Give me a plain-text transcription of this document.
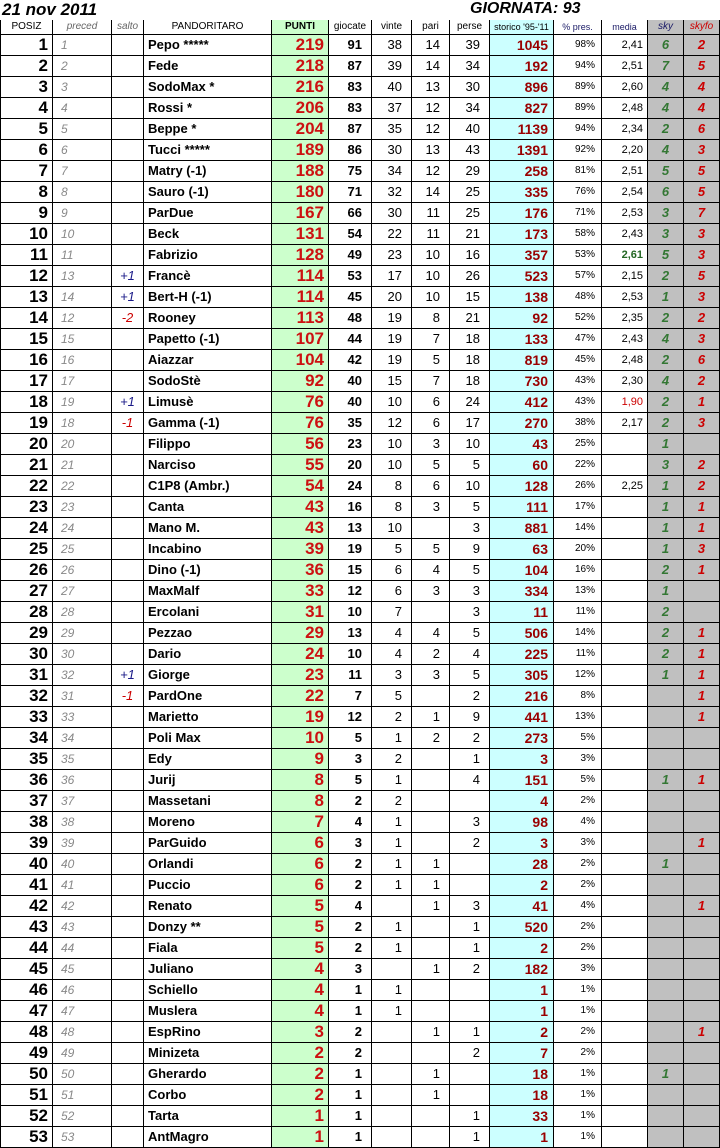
21 nov 2011	GIORNATA: 93
POSIZ	preced	salto	PANDORITARO	PUNTI	giocate	vinte	pari	perse	storico '95-'11	% pres.	media	sky	skyfo
1	1		Pepo *****	219	91	38	14	39	1045	98%	2,41	6	2
2	2		Fede	218	87	39	14	34	192	94%	2,51	7	5
3	3		SodoMax *	216	83	40	13	30	896	89%	2,60	4	4
4	4		Rossi *	206	83	37	12	34	827	89%	2,48	4	4
5	5		Beppe *	204	87	35	12	40	1139	94%	2,34	2	6
6	6		Tucci *****	189	86	30	13	43	1391	92%	2,20	4	3
7	7		Matry (-1)	188	75	34	12	29	258	81%	2,51	5	5
8	8		Sauro (-1)	180	71	32	14	25	335	76%	2,54	6	5
9	9		ParDue	167	66	30	11	25	176	71%	2,53	3	7
10	10		Beck	131	54	22	11	21	173	58%	2,43	3	3
11	11		Fabrizio	128	49	23	10	16	357	53%	2,61	5	3
12	13	+1	Francè	114	53	17	10	26	523	57%	2,15	2	5
13	14	+1	Bert-H (-1)	114	45	20	10	15	138	48%	2,53	1	3
14	12	-2	Rooney	113	48	19	8	21	92	52%	2,35	2	2
15	15		Papetto (-1)	107	44	19	7	18	133	47%	2,43	4	3
16	16		Aiazzar	104	42	19	5	18	819	45%	2,48	2	6
17	17		SodoStè	92	40	15	7	18	730	43%	2,30	4	2
18	19	+1	Limusè	76	40	10	6	24	412	43%	1,90	2	1
19	18	-1	Gamma (-1)	76	35	12	6	17	270	38%	2,17	2	3
20	20		Filippo	56	23	10	3	10	43	25%		1	
21	21		Narciso	55	20	10	5	5	60	22%		3	2
22	22		C1P8 (Ambr.)	54	24	8	6	10	128	26%	2,25	1	2
23	23		Canta	43	16	8	3	5	111	17%		1	1
24	24		Mano M.	43	13	10		3	881	14%		1	1
25	25		Incabino	39	19	5	5	9	63	20%		1	3
26	26		Dino (-1)	36	15	6	4	5	104	16%		2	1
27	27		MaxMalf	33	12	6	3	3	334	13%		1	
28	28		Ercolani	31	10	7		3	11	11%		2	
29	29		Pezzao	29	13	4	4	5	506	14%		2	1
30	30		Dario	24	10	4	2	4	225	11%		2	1
31	32	+1	Giorge	23	11	3	3	5	305	12%		1	1
32	31	-1	PardOne	22	7	5		2	216	8%			1
33	33		Marietto	19	12	2	1	9	441	13%			1
34	34		Poli Max	10	5	1	2	2	273	5%			
35	35		Edy	9	3	2		1	3	3%			
36	36		Jurij	8	5	1		4	151	5%		1	1
37	37		Massetani	8	2	2			4	2%			
38	38		Moreno	7	4	1		3	98	4%			
39	39		ParGuido	6	3	1		2	3	3%			1
40	40		Orlandi	6	2	1	1		28	2%		1	
41	41		Puccio	6	2	1	1		2	2%			
42	42		Renato	5	4		1	3	41	4%			1
43	43		Donzy **	5	2	1		1	520	2%			
44	44		Fiala	5	2	1		1	2	2%			
45	45		Juliano	4	3		1	2	182	3%			
46	46		Schiello	4	1	1			1	1%			
47	47		Muslera	4	1	1			1	1%			
48	48		EspRino	3	2		1	1	2	2%			1
49	49		Minizeta	2	2			2	7	2%			
50	50		Gherardo	2	1		1		18	1%		1	
51	51		Corbo	2	1		1		18	1%			
52	52		Tarta	1	1			1	33	1%			
53	53		AntMagro	1	1			1	1	1%			
